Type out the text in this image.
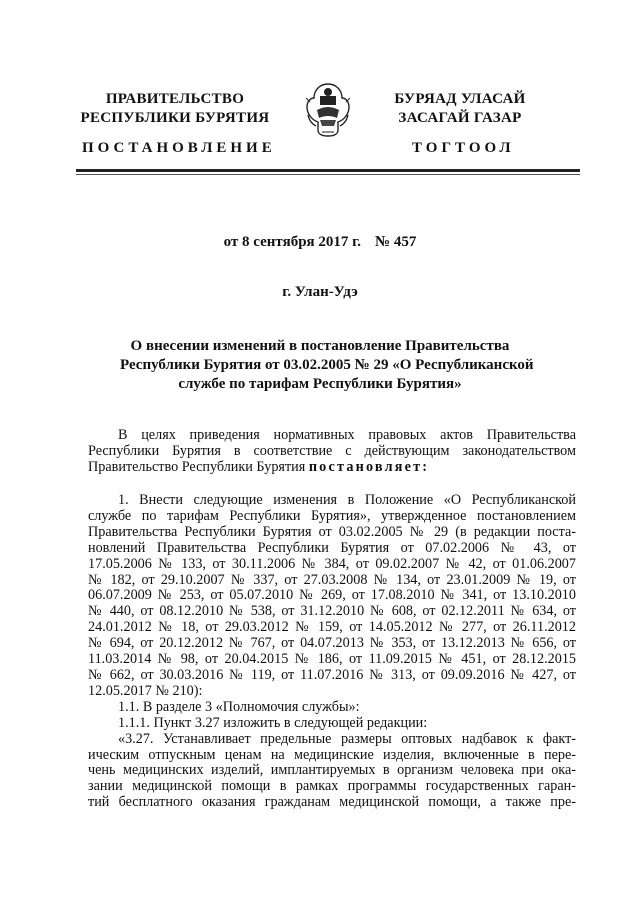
ПРАВИТЕЛЬСТВО
РЕСПУБЛИКИ БУРЯТИЯ
БУРЯАД УЛАСАЙ
ЗАСАГАЙ ГАЗАР
ПОСТАНОВЛЕНИЕ	ТОГТООЛ
от 8 сентября 2017 г. № 457
г. Улан-Удэ
О внесении изменений в постановление Правительства
Республики Бурятия от 03.02.2005 № 29 «О Республиканской
службе по тарифам Республики Бурятия»
В целях приведения нормативных правовых актов Правительства
Республики Бурятия в соответствие с действующим законодательством
Правительство Республики Бурятия постановляет:
1. Внести следующие изменения в Положение «О Республиканской
службе по тарифам Республики Бурятия», утвержденное постановлением
Правительства Республики Бурятия от 03.02.2005 № 29 (в редакции поста-
новлений Правительства Республики Бурятия от 07.02.2006 № 43, от
17.05.2006 № 133, от 30.11.2006 № 384, от 09.02.2007 № 42, от 01.06.2007
№ 182, от 29.10.2007 № 337, от 27.03.2008 № 134, от 23.01.2009 № 19, от
06.07.2009 № 253, от 05.07.2010 № 269, от 17.08.2010 № 341, от 13.10.2010
№ 440, от 08.12.2010 № 538, от 31.12.2010 № 608, от 02.12.2011 № 634, от
24.01.2012 № 18, от 29.03.2012 № 159, от 14.05.2012 № 277, от 26.11.2012
№ 694, от 20.12.2012 № 767, от 04.07.2013 № 353, от 13.12.2013 № 656, от
11.03.2014 № 98, от 20.04.2015 № 186, от 11.09.2015 № 451, от 28.12.2015
№ 662, от 30.03.2016 № 119, от 11.07.2016 № 313, от 09.09.2016 № 427, от
12.05.2017 № 210):
1.1. В разделе 3 «Полномочия службы»:
1.1.1. Пункт 3.27 изложить в следующей редакции:
«3.27. Устанавливает предельные размеры оптовых надбавок к факт-
ическим отпускным ценам на медицинские изделия, включенные в пере-
чень медицинских изделий, имплантируемых в организм человека при ока-
зании медицинской помощи в рамках программы государственных гаран-
тий бесплатного оказания гражданам медицинской помощи, а также пре-
